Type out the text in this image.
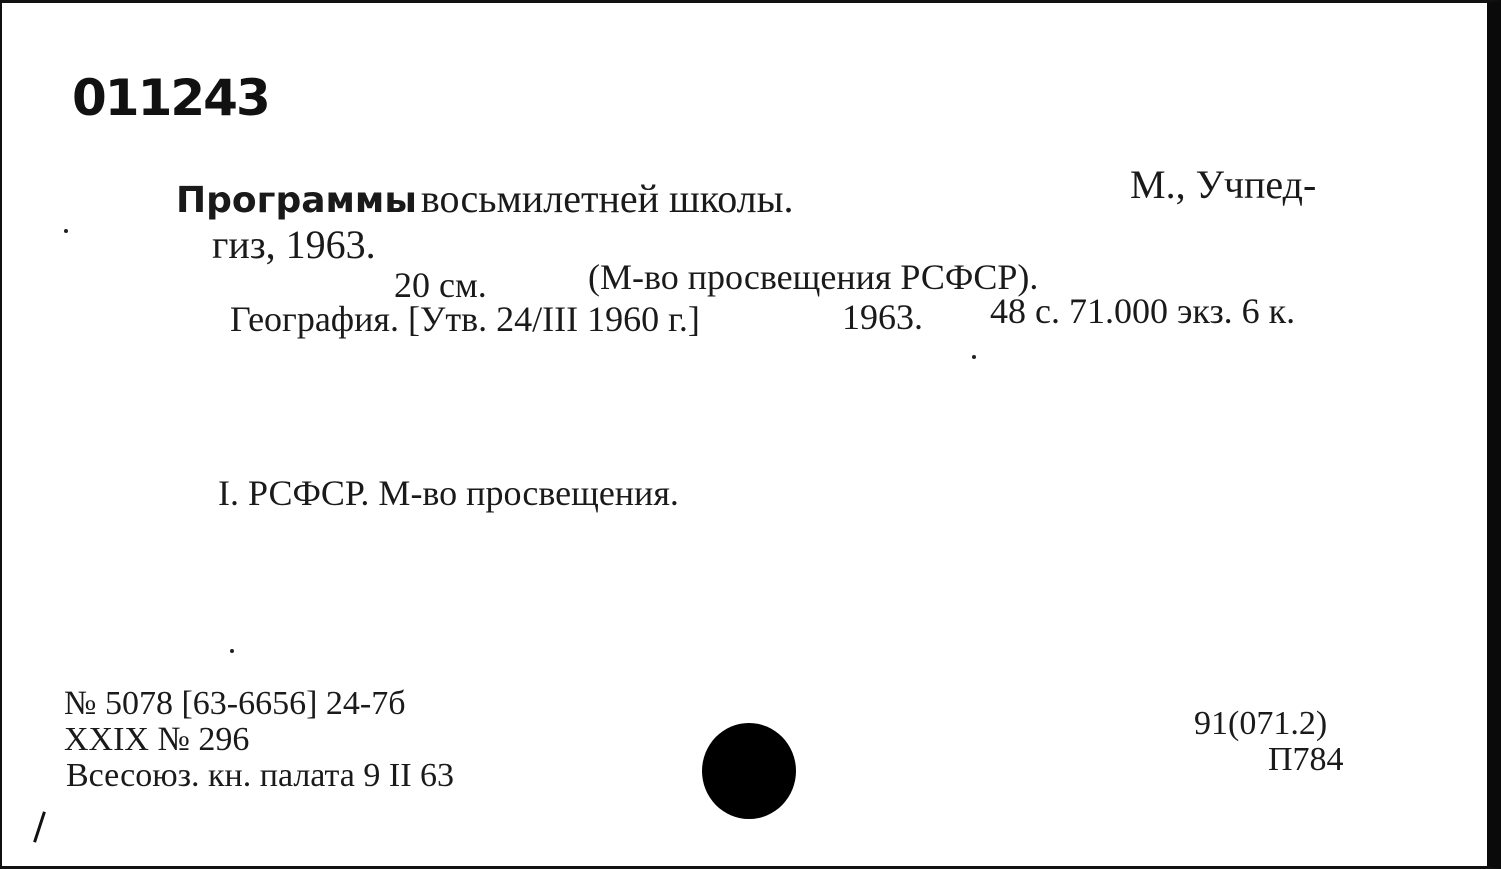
011243
Программы восьмилетней школы.	М., Учпед-
гиз, 1963.
20 см.	(М-во просвещения РСФСР).
География. [Утв. 24/III 1960 г.]	1963. 48 с. 71.000 экз. 6 к.
I. РСФСР. М-во просвещения.
№ 5078 [63-6656] 24-7б
XXIX № 296
Всесоюз. кн. палата 9 II 63
91(071.2)
П784
